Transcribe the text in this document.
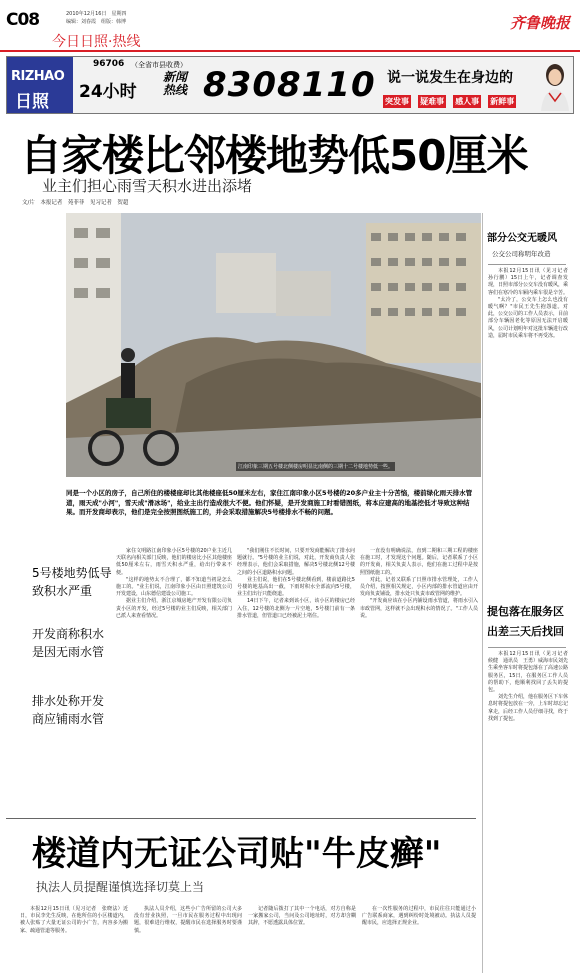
C08	2010年12月16日　星期四
编辑：刘春霞　组版：韩博	齐鲁晚报
今日日照·热线
RIZHAO
日照
96706 （全省市县收费）
24小时
新闻
热线 8308110 说一说发生在身边的
突发事 疑难事 感人事 新鲜事
自家楼比邻楼地势低50厘米
业主们担心雨雪天积水进出添堵
文/片　本报记者　苑菲菲　见习记者　贺超
江南印象三期五号楼北侧楼房明显比南侧的三期十二号楼地势低一些。
同是一个小区的房子，自己所住的楼楼座却比其他楼座低50厘米左右，家住江南印象小区5号楼的20多户业主十分苦恼，楼前绿化雨天排水管道，雨天成"小河"，雪天成"滑冰场"，给业主出行造成很大不便。他们怀疑，是开发商施工时看错图纸，将本应建高的地基挖低才导致这种结果。而开发商却表示，他们是完全按照图纸施工的，并会采取措施解决5号楼排水不畅的问题。
5号楼地势低导致积水严重
开发商称积水是因无雨水管
排水处称开发商应铺雨水管

家住文明路江南印象小区5号楼的20户业主近几天联名向相关部门反映，他们的楼房比小区其他楼座低50厘米左右，雨雪天积水严重，给出行带来不便。

"这样的地势太不合理了，都不知道当初是怎么施工的。"业主们说，江南印象小区由日照建筑公司开发建设，山东德信建设公司施工。

据业主们介绍，浙江京城房地产开发有限公司负责小区的开发，经过5号楼的业主们反映，相关部门已派人来查看情况。

"我们刚住不长时间，只要开发商能解决了排水问题就行。"5号楼的业主们说，对此，开发商负责人张经理表示，他们会采取措施，解决5号楼北侧12号楼之间的小区道路积水问题。

业主们说，他们在5号楼北侧看到，楼前道路比5号楼的地基高出一截，下雨时积水全部流向5号楼，业主们出行只能绕道。

14日下午，记者来到该小区，该小区的楼房已经入住，12号楼的北侧为一片空地，5号楼门前有一条排水管道，但管道口已经被泥土堵住。

一直没有明确说法，直到二期和三期工程的楼座在施工时，才发现这个问题。随后，记者联系了小区的开发商，相关负责人表示，他们在施工过程中是按照图纸施工的。

对此，记者又联系了日照市排水管理处，工作人员介绍，按照相关规定，小区内部的排水管道应由开发商负责铺设，排水处只负责市政管网的维护。

"开发商应该在小区内铺设雨水管道，将雨水引入市政管网，这样就不会出现积水的情况了。"工作人员说。

部分公交无暖风
公交公司称明年改造

本报12月15日讯（见习记者　孙行鹏）15日上午，记者调查发现，日照市部分公交车没有暖风，乘客们在寒冷的车厢内乘车很是辛苦。

"太冷了，公交车上怎么也没有暖气啊？"市民王先生抱怨道。对此，公交公司的工作人员表示，目前部分车辆因老化等原因无法开启暖风，公司计划明年对这批车辆进行改造，届时市民乘车将不再受冻。

提包落在服务区
出差三天后找回

本报12月15日讯（见习记者　候健　通讯员　王勇）威海市民刘先生乘坐客车时将提包落在了高速公路服务区，15日，在服务区工作人员的帮助下，他顺利找回了丢失的提包。

刘先生介绍，他在服务区下车休息时将提包放在一旁，上车时却忘记拿走，后经工作人员仔细寻找，终于找到了提包。

楼道内无证公司贴"牛皮癣"
执法人员提醒谨慎选择切莫上当

本报12月15日讯（见习记者　张晓法）近日，市民李先生反映，在他所住的小区楼道内，被人张贴了大量无证公司的小广告，内容多为搬家、疏通管道等服务。

执法人员介绍，这些小广告所留的公司大多没有营业执照，一旦市民在服务过程中出现问题，很难进行维权，提醒市民在选择服务时要谨慎。

记者随后拨打了其中一个电话，对方自称是一家搬家公司，当问及公司地址时，对方却含糊其辞，不愿透露具体位置。

在一次性服务的过程中，市民往往只能通过小广告联系商家，遇到纠纷时处境被动。执法人员提醒市民，应选择正规企业。
